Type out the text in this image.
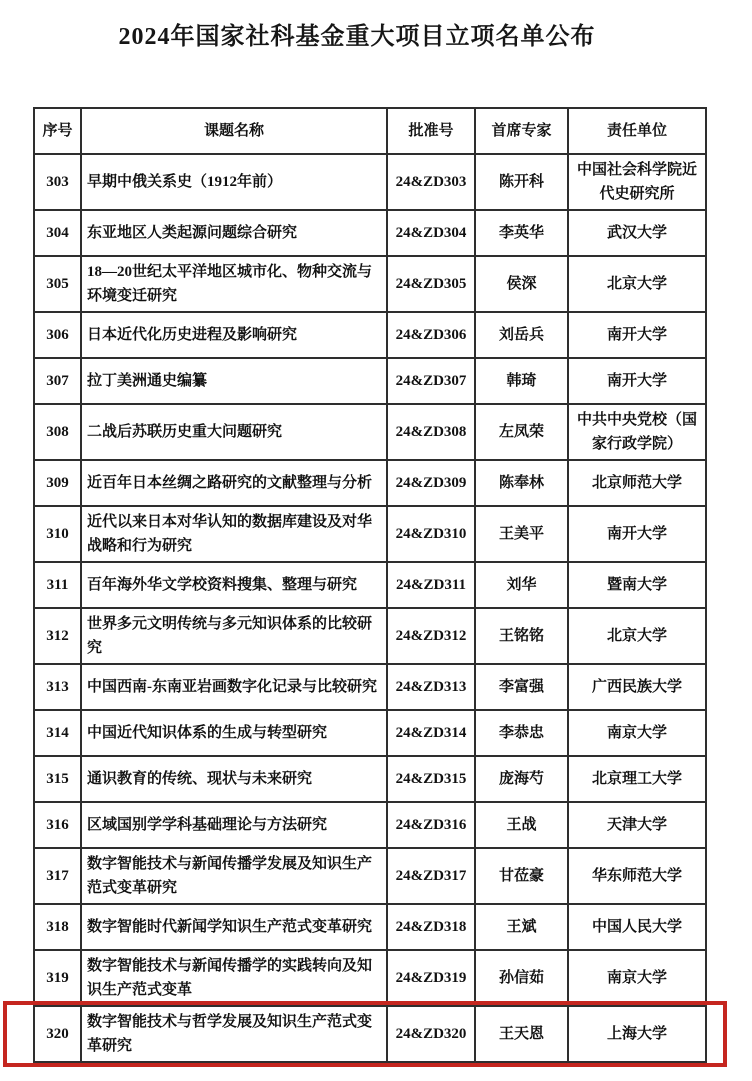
2024年国家社科基金重大项目立项名单公布
序号	课题名称	批准号	首席专家	责任单位
303	早期中俄关系史（1912年前）	24&ZD303	陈开科	中国社会科学院近代史研究所
304	东亚地区人类起源问题综合研究	24&ZD304	李英华	武汉大学
305	18—20世纪太平洋地区城市化、物种交流与环境变迁研究	24&ZD305	侯深	北京大学
306	日本近代化历史进程及影响研究	24&ZD306	刘岳兵	南开大学
307	拉丁美洲通史编纂	24&ZD307	韩琦	南开大学
308	二战后苏联历史重大问题研究	24&ZD308	左凤荣	中共中央党校（国家行政学院）
309	近百年日本丝绸之路研究的文献整理与分析	24&ZD309	陈奉林	北京师范大学
310	近代以来日本对华认知的数据库建设及对华战略和行为研究	24&ZD310	王美平	南开大学
311	百年海外华文学校资料搜集、整理与研究	24&ZD311	刘华	暨南大学
312	世界多元文明传统与多元知识体系的比较研究	24&ZD312	王铭铭	北京大学
313	中国西南-东南亚岩画数字化记录与比较研究	24&ZD313	李富强	广西民族大学
314	中国近代知识体系的生成与转型研究	24&ZD314	李恭忠	南京大学
315	通识教育的传统、现状与未来研究	24&ZD315	庞海芍	北京理工大学
316	区域国别学学科基础理论与方法研究	24&ZD316	王战	天津大学
317	数字智能技术与新闻传播学发展及知识生产范式变革研究	24&ZD317	甘莅豪	华东师范大学
318	数字智能时代新闻学知识生产范式变革研究	24&ZD318	王斌	中国人民大学
319	数字智能技术与新闻传播学的实践转向及知识生产范式变革	24&ZD319	孙信茹	南京大学
320	数字智能技术与哲学发展及知识生产范式变革研究	24&ZD320	王天恩	上海大学
